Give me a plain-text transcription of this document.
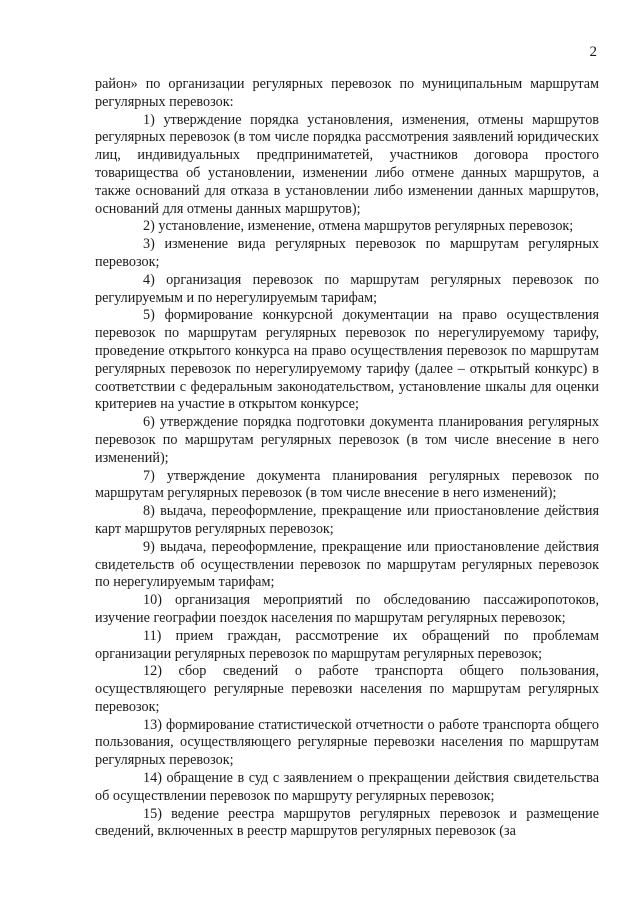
2

район» по организации регулярных перевозок по муниципальным маршрутам регулярных перевозок:

1) утверждение порядка установления, изменения, отмены маршрутов регулярных перевозок (в том числе порядка рассмотрения заявлений юридических лиц, индивидуальных предприниматетей, участников договора простого товарищества об установлении, изменении либо отмене данных маршрутов, а также оснований для отказа в установлении либо изменении данных маршрутов, оснований для отмены данных маршрутов);

2) установление, изменение, отмена маршрутов регулярных перевозок;

3) изменение вида регулярных перевозок по маршрутам регулярных перевозок;

4) организация перевозок по маршрутам регулярных перевозок по регулируемым и по нерегулируемым тарифам;

5) формирование конкурсной документации на право осуществления перевозок по маршрутам регулярных перевозок по нерегулируемому тарифу, проведение открытого конкурса на право осуществления перевозок по маршрутам регулярных перевозок по нерегулируемому тарифу (далее – открытый конкурс) в соответствии с федеральным законодательством, установление шкалы для оценки критериев на участие в открытом конкурсе;

6) утверждение порядка подготовки документа планирования регулярных перевозок по маршрутам регулярных перевозок (в том числе внесение в него изменений);

7) утверждение документа планирования регулярных перевозок по маршрутам регулярных перевозок (в том числе внесение в него изменений);

8) выдача, переоформление, прекращение или приостановление действия карт маршрутов регулярных перевозок;

9) выдача, переоформление, прекращение или приостановление действия свидетельств об осуществлении перевозок по маршрутам регулярных перевозок по нерегулируемым тарифам;

10) организация мероприятий по обследованию пассажиропотоков, изучение географии поездок населения по маршрутам регулярных перевозок;

11) прием граждан, рассмотрение их обращений по проблемам организации регулярных перевозок по маршрутам регулярных перевозок;

12) сбор сведений о работе транспорта общего пользования, осуществляющего регулярные перевозки населения по маршрутам регулярных перевозок;

13) формирование статистической отчетности о работе транспорта общего пользования, осуществляющего регулярные перевозки населения по маршрутам регулярных перевозок;

14) обращение в суд с заявлением о прекращении действия свидетельства об осуществлении перевозок по маршруту регулярных перевозок;

15) ведение реестра маршрутов регулярных перевозок и размещение сведений, включенных в реестр маршрутов регулярных перевозок (за
